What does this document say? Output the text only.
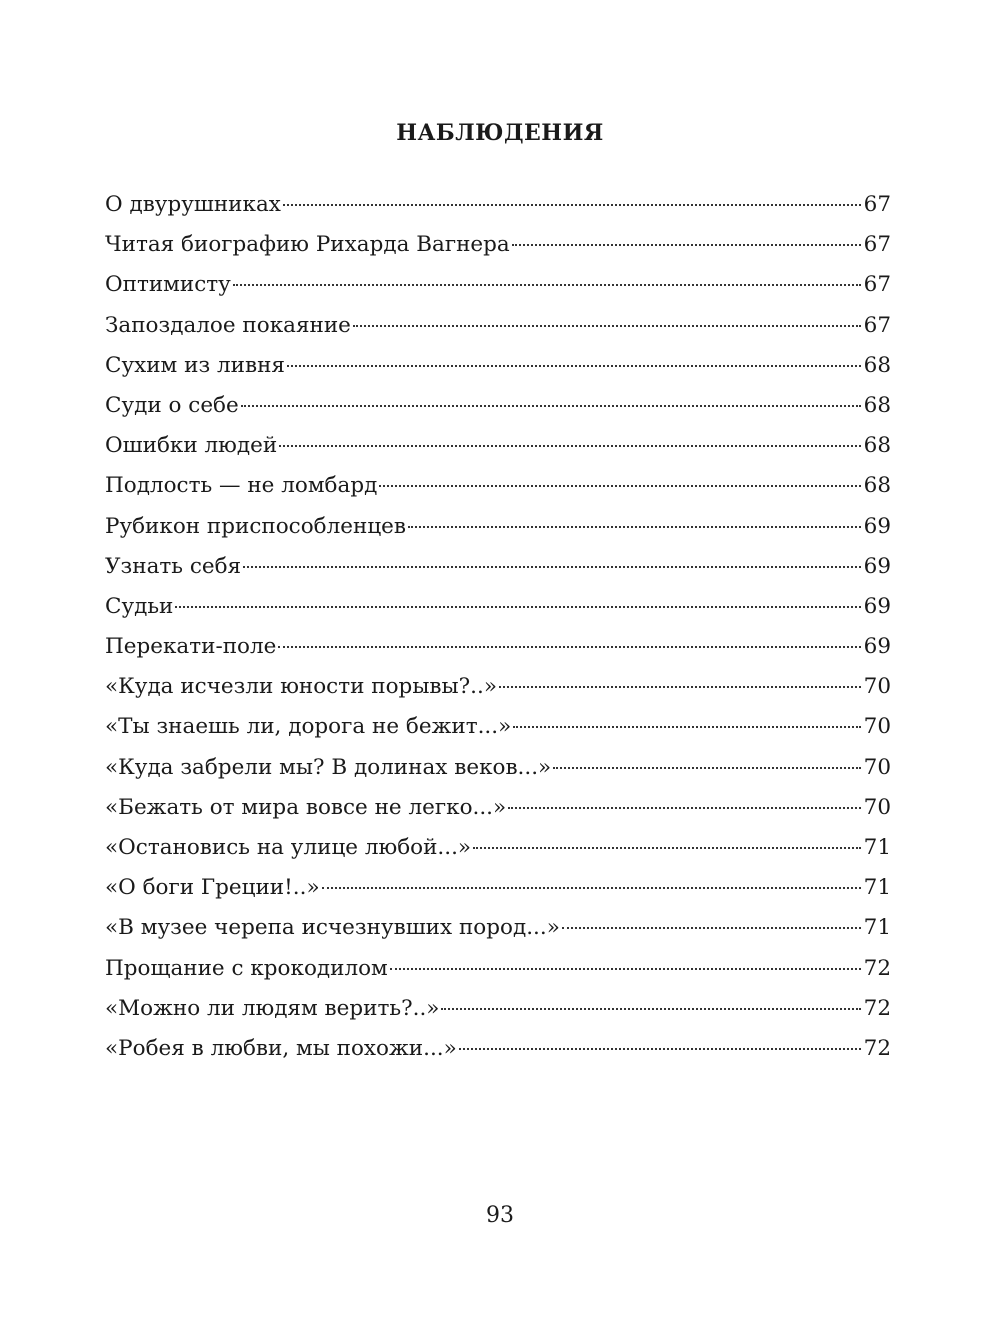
НАБЛЮДЕНИЯ
О двурушниках	67
Читая биографию Рихарда Вагнера	67
Оптимисту	67
Запоздалое покаяние	67
Сухим из ливня	68
Суди о себе	68
Ошибки людей	68
Подлость — не ломбард	68
Рубикон приспособленцев	69
Узнать себя	69
Судьи	69
Перекати-поле	69
«Куда исчезли юности порывы?..»	70
«Ты знаешь ли, дорога не бежит...»	70
«Куда забрели мы? В долинах веков...»	70
«Бежать от мира вовсе не легко...»	70
«Остановись на улице любой...»	71
«О боги Греции!..»	71
«В музее черепа исчезнувших пород...»	71
Прощание с крокодилом	72
«Можно ли людям верить?..»	72
«Робея в любви, мы похожи...»	72
93
